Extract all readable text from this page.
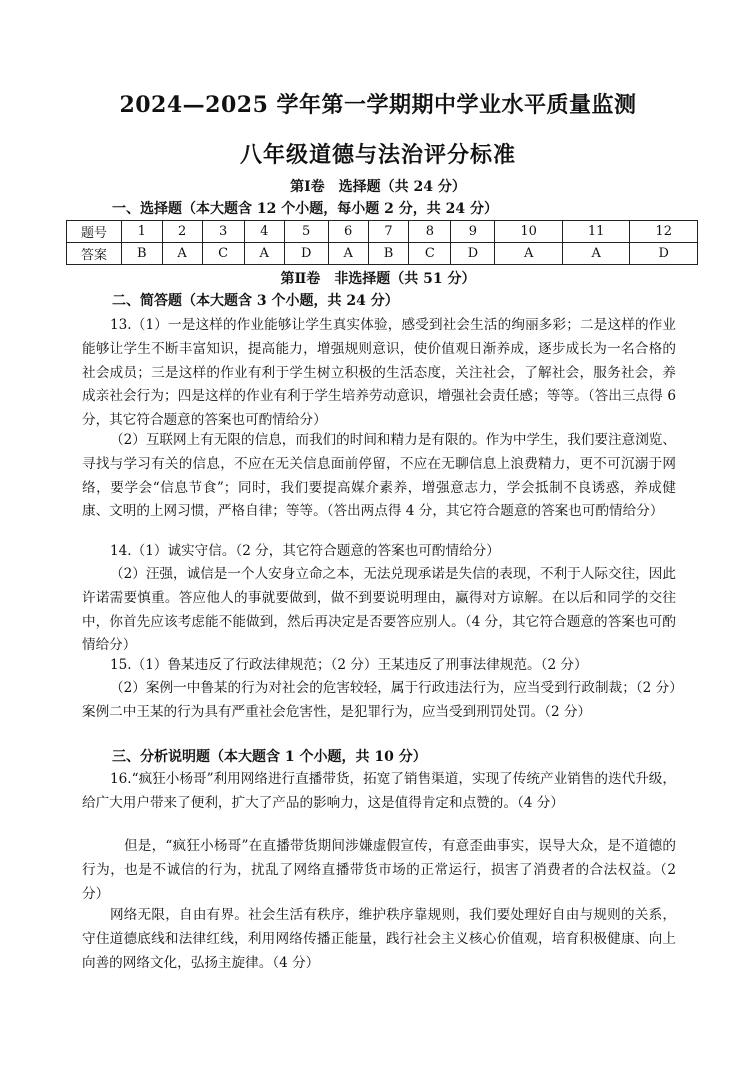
2024—2025 学年第一学期期中学业水平质量监测
八年级道德与法治评分标准
第Ⅰ卷　选择题（共 24 分）
一、选择题（本大题含 12 个小题，每小题 2 分，共 24 分）
题号	1	2	3	4	5	6	7	8	9	10	11	12
答案	B	A	C	A	D	A	B	C	D	A	A	D
第Ⅱ卷　非选择题（共 51 分）
二、简答题（本大题含 3 个小题，共 24 分）
13.（1）一是这样的作业能够让学生真实体验，感受到社会生活的绚丽多彩；二是这样的作业能够让学生不断丰富知识，提高能力，增强规则意识，使价值观日渐养成，逐步成长为一名合格的社会成员；三是这样的作业有利于学生树立积极的生活态度，关注社会，了解社会，服务社会，养成亲社会行为；四是这样的作业有利于学生培养劳动意识，增强社会责任感；等等。（答出三点得 6 分，其它符合题意的答案也可酌情给分）
（2）互联网上有无限的信息，而我们的时间和精力是有限的。作为中学生，我们要注意浏览、寻找与学习有关的信息，不应在无关信息面前停留，不应在无聊信息上浪费精力，更不可沉溺于网络，要学会“信息节食”；同时，我们要提高媒介素养，增强意志力，学会抵制不良诱惑，养成健康、文明的上网习惯，严格自律；等等。（答出两点得 4 分，其它符合题意的答案也可酌情给分）
14.（1）诚实守信。（2 分，其它符合题意的答案也可酌情给分）
（2）汪强，诚信是一个人安身立命之本，无法兑现承诺是失信的表现，不利于人际交往，因此许诺需要慎重。答应他人的事就要做到，做不到要说明理由，赢得对方谅解。在以后和同学的交往中，你首先应该考虑能不能做到，然后再决定是否要答应别人。（4 分，其它符合题意的答案也可酌情给分）
15.（1）鲁某违反了行政法律规范；（2 分）王某违反了刑事法律规范。（2 分）
（2）案例一中鲁某的行为对社会的危害较轻，属于行政违法行为，应当受到行政制裁；（2 分）案例二中王某的行为具有严重社会危害性，是犯罪行为，应当受到刑罚处罚。（2 分）
三、分析说明题（本大题含 1 个小题，共 10 分）
16.“疯狂小杨哥”利用网络进行直播带货，拓宽了销售渠道，实现了传统产业销售的迭代升级，给广大用户带来了便利，扩大了产品的影响力，这是值得肯定和点赞的。（4 分）
但是，“疯狂小杨哥”在直播带货期间涉嫌虚假宣传，有意歪曲事实，误导大众，是不道德的行为，也是不诚信的行为，扰乱了网络直播带货市场的正常运行，损害了消费者的合法权益。（2 分）
网络无限，自由有界。社会生活有秩序，维护秩序靠规则，我们要处理好自由与规则的关系，守住道德底线和法律红线，利用网络传播正能量，践行社会主义核心价值观，培育积极健康、向上向善的网络文化，弘扬主旋律。（4 分）
